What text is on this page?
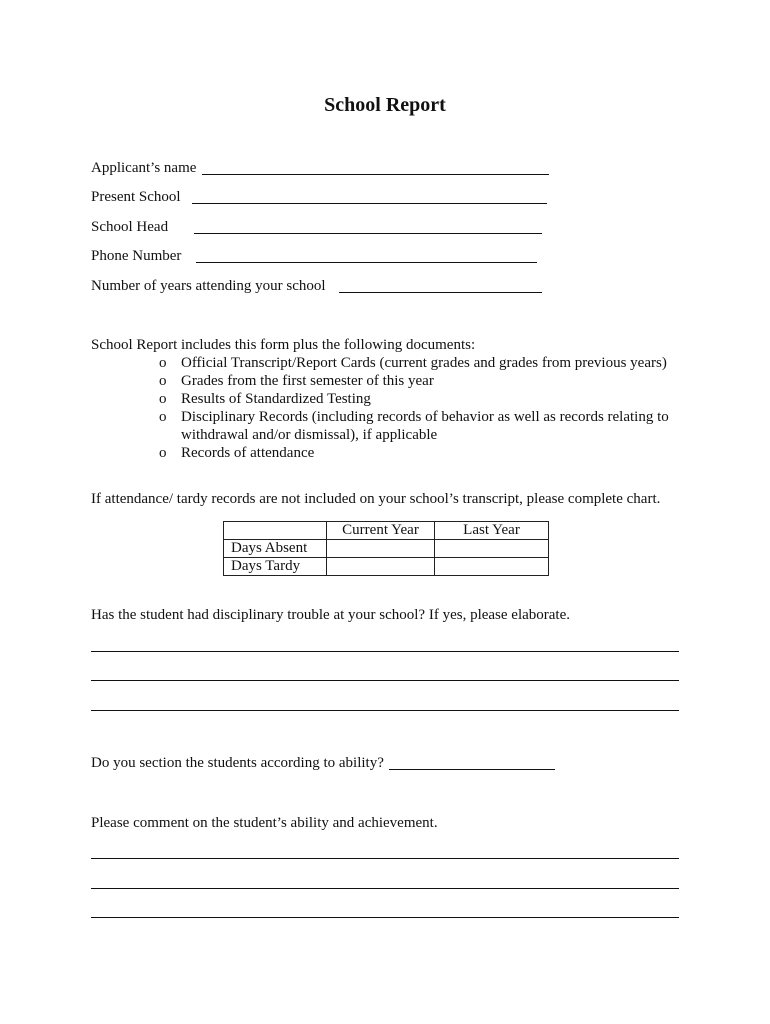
School Report
Applicant’s name
Present School
School Head
Phone Number
Number of years attending your school
School Report includes this form plus the following documents:
o Official Transcript/Report Cards (current grades and grades from previous years)
o Grades from the first semester of this year
o Results of Standardized Testing
o Disciplinary Records (including records of behavior as well as records relating to
withdrawal and/or dismissal), if applicable
o Records of attendance
If attendance/ tardy records are not included on your school’s transcript, please complete chart.
	Current Year	Last Year
Days Absent		
Days Tardy		
Has the student had disciplinary trouble at your school? If yes, please elaborate.
Do you section the students according to ability?
Please comment on the student’s ability and achievement.
